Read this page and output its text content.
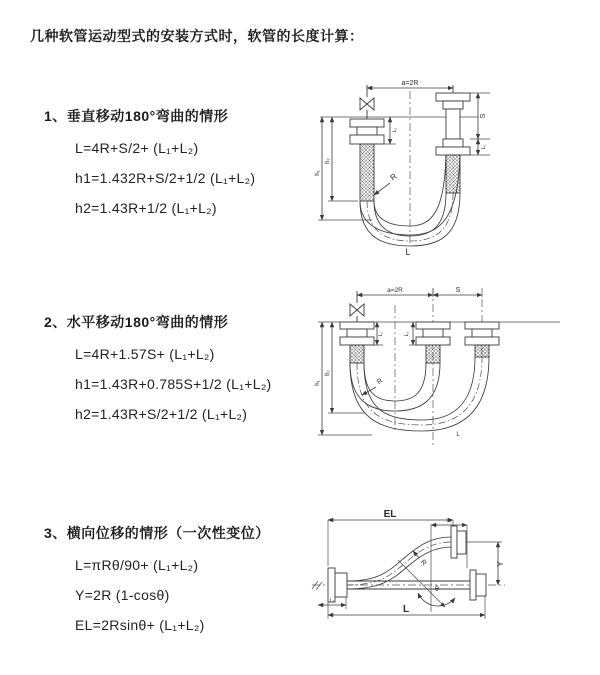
几种软管运动型式的安装方式时，软管的长度计算：
1、垂直移动180°弯曲的情形
L=4R+S/2+ (L₁+L₂)
h1=1.432R+S/2+1/2 (L₁+L₂)
h2=1.43R+1/2 (L₁+L₂)
2、水平移动180°弯曲的情形
L=4R+1.57S+ (L₁+L₂)
h1=1.43R+0.785S+1/2 (L₁+L₂)
h2=1.43R+S/2+1/2 (L₁+L₂)
3、横向位移的情形（一次性变位）
L=πRθ/90+ (L₁+L₂)
Y=2R (1-cosθ)
EL=2Rsinθ+ (L₁+L₂)
a=2R
S
L₂
L₁
h₁
h₂
R
L
a=2R	S
L₁	L₂
h₁
h₂
R
L
R
θ
EL
L₂
Y
L₁
L
